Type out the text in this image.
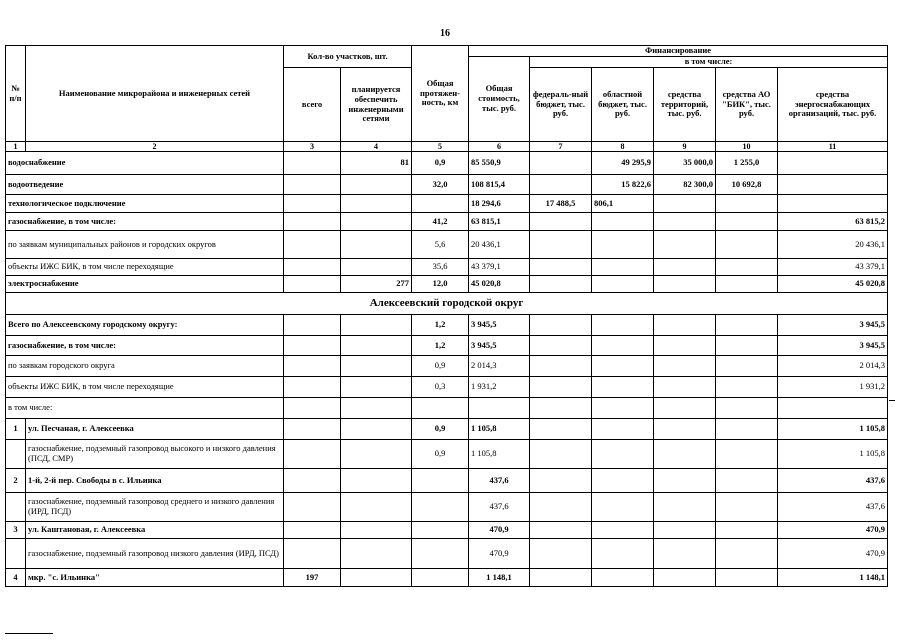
16
№ п/п	Наименование микрорайона и инженерных сетей	Кол-во участков, шт.		Общая протяжен-ность, км	Финансирование					
					Общая стоимость, тыс. руб.	в том числе:				
		всего	планируется обеспечить инженерными сетями			федераль-ный бюджет, тыс. руб.	областной бюджет, тыс. руб.	средства территорий, тыс. руб.	средства АО "БИК", тыс. руб.	средства энергоснабжающих организаций, тыс. руб.
1	2	3	4	5	6	7	8	9	10	11
водоснабжение			81	0,9	85 550,9		49 295,9	35 000,0	1 255,0	
водоотведение				32,0	108 815,4		15 822,6	82 300,0	10 692,8	
технологическое подключение					18 294,6	17 488,5	806,1			
газоснабжение, в том числе:				41,2	63 815,1					63 815,2
по заявкам муниципальных районов и городских округов				5,6	20 436,1					20 436,1
объекты ИЖС БИК, в том числе переходящие				35,6	43 379,1					43 379,1
электроснабжение			277	12,0	45 020,8					45 020,8
Алексеевский городской округ										
Всего по Алексеевскому городскому округу:				1,2	3 945,5					3 945,5
газоснабжение, в том числе:				1,2	3 945,5					3 945,5
по заявкам городского округа				0,9	2 014,3					2 014,3
объекты ИЖС БИК, в том числе переходящие				0,3	1 931,2					1 931,2
в том числе:										
1	ул. Песчаная, г. Алексеевка			0,9	1 105,8					1 105,8
	газоснабжение, подземный газопровод высокого и низкого давления (ПСД, СМР)			0,9	1 105,8					1 105,8
2	1-й, 2-й пер. Свободы в с. Ильинка				437,6					437,6
	газоснабжение, подземный газопровод среднего и низкого давления (ИРД, ПСД)				437,6					437,6
3	ул. Каштановая, г. Алексеевка				470,9					470,9
	газоснабжение, подземный газопровод низкого давления (ИРД, ПСД)				470,9					470,9
4	мкр. "с. Ильинка"	197			1 148,1					1 148,1
